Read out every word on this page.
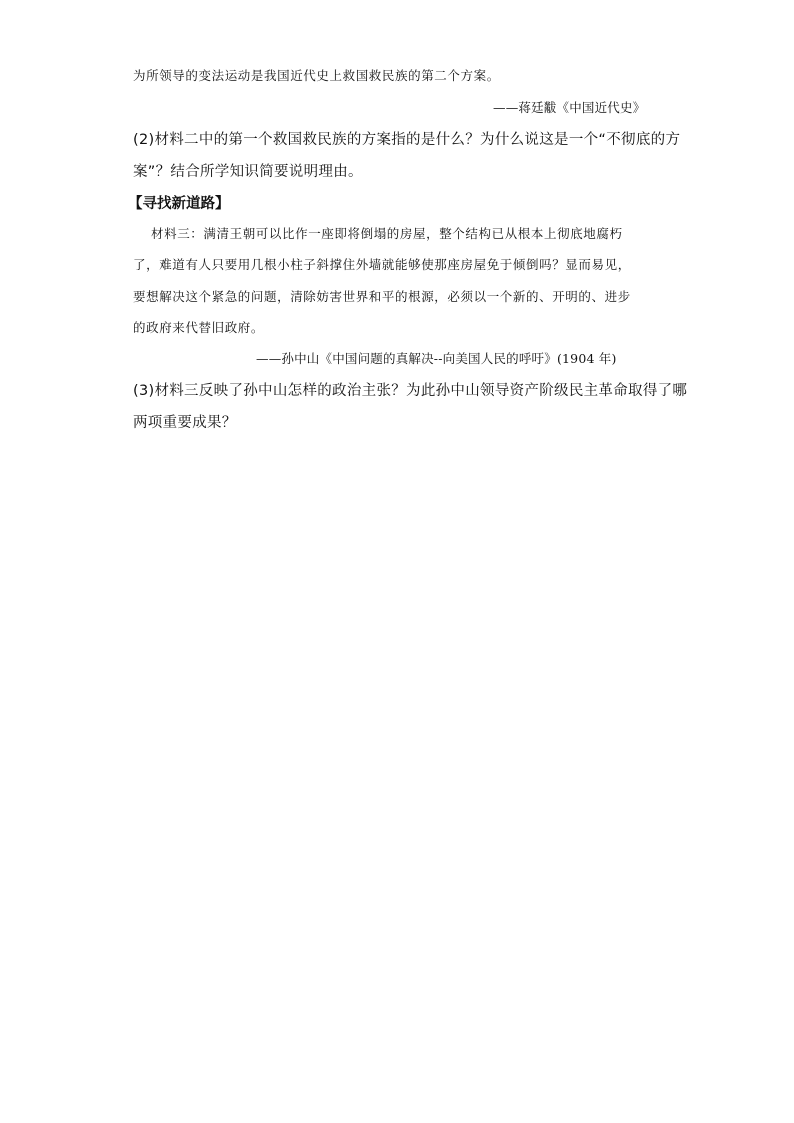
为所领导的变法运动是我国近代史上救国救民族的第二个方案。
——蒋廷黻《中国近代史》
(2)材料二中的第一个救国救民族的方案指的是什么？为什么说这是一个“不彻底的方
案”？结合所学知识简要说明理由。
【寻找新道路】
材料三：满清王朝可以比作一座即将倒塌的房屋，整个结构已从根本上彻底地腐朽
了，难道有人只要用几根小柱子斜撑住外墙就能够使那座房屋免于倾倒吗？显而易见，
要想解决这个紧急的问题，清除妨害世界和平的根源，必须以一个新的、开明的、进步
的政府来代替旧政府。
——孙中山《中国问题的真解决--向美国人民的呼吁》(1904 年)
(3)材料三反映了孙中山怎样的政治主张？为此孙中山领导资产阶级民主革命取得了哪
两项重要成果？
